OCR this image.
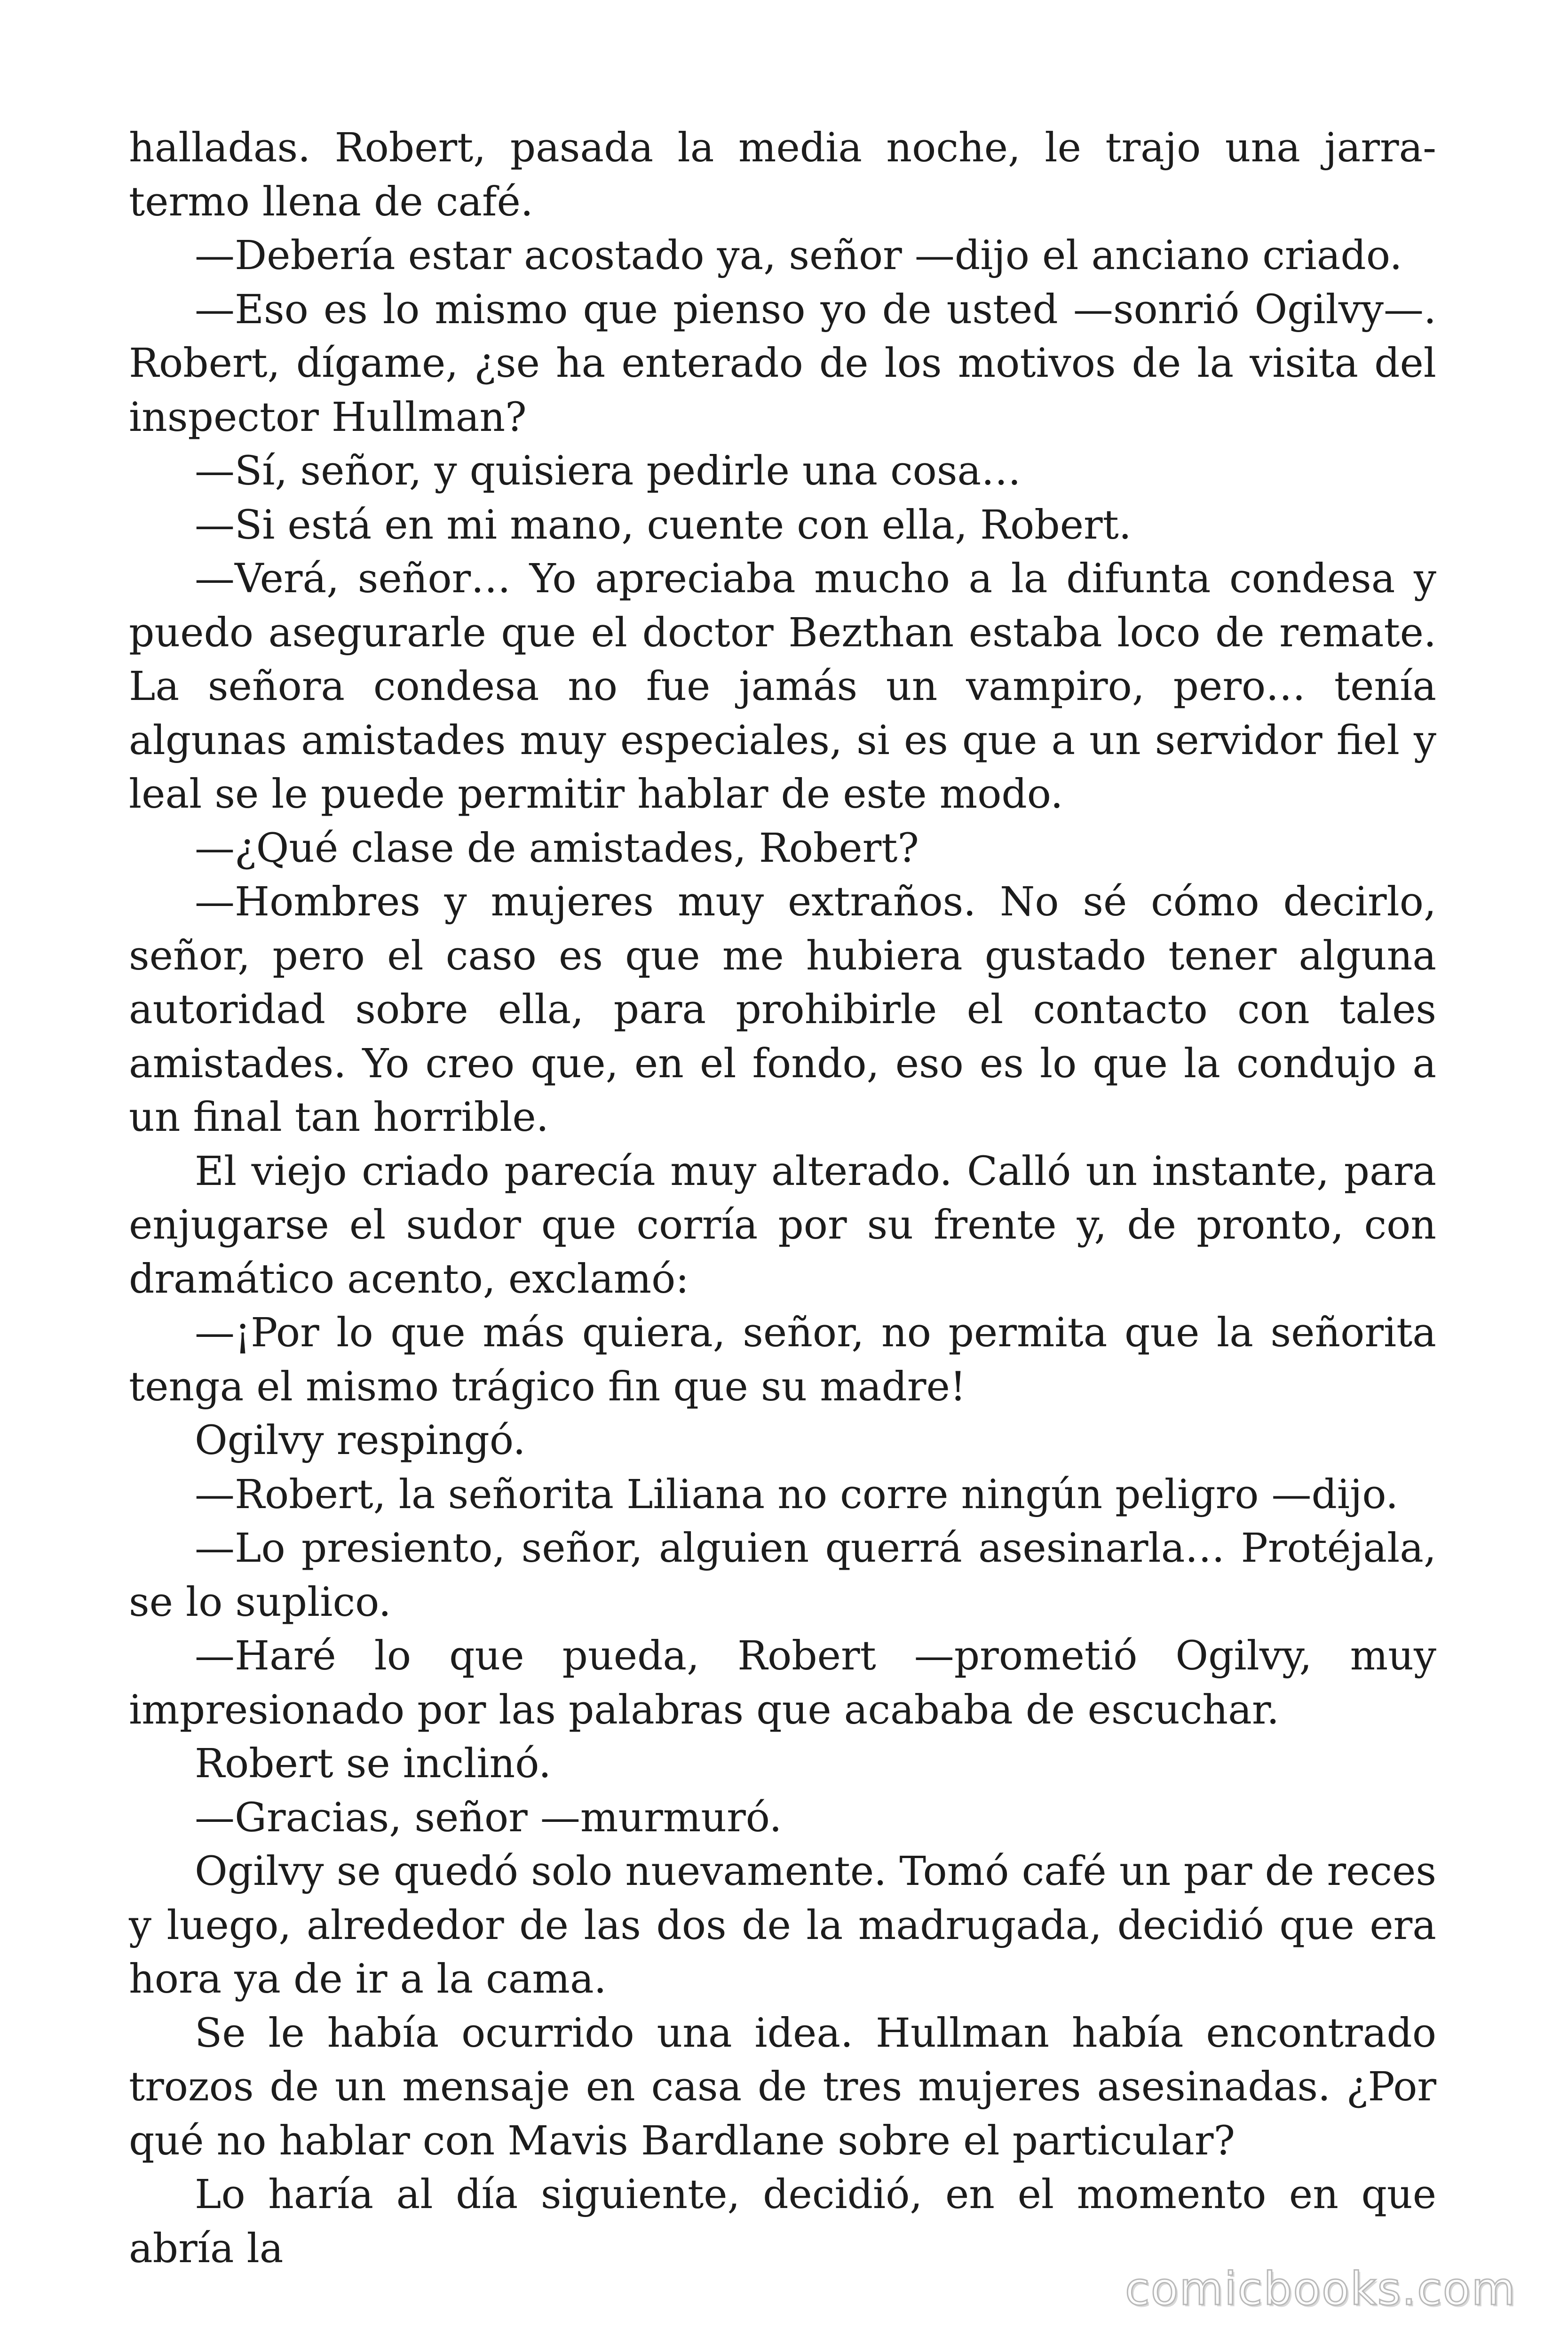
halladas. Robert, pasada la media noche, le trajo una jarra-termo llena de café.

—Debería estar acostado ya, señor —dijo el anciano criado.

—Eso es lo mismo que pienso yo de usted —sonrió Ogilvy—. Robert, dígame, ¿se ha enterado de los motivos de la visita del inspector Hullman?

—Sí, señor, y quisiera pedirle una cosa…

—Si está en mi mano, cuente con ella, Robert.

—Verá, señor… Yo apreciaba mucho a la difunta condesa y puedo asegurarle que el doctor Bezthan estaba loco de remate. La señora condesa no fue jamás un vampiro, pero… tenía algunas amistades muy especiales, si es que a un servidor fiel y leal se le puede permitir hablar de este modo.

—¿Qué clase de amistades, Robert?

—Hombres y mujeres muy extraños. No sé cómo decirlo, señor, pero el caso es que me hubiera gustado tener alguna autoridad sobre ella, para prohibirle el contacto con tales amistades. Yo creo que, en el fondo, eso es lo que la condujo a un final tan horrible.

El viejo criado parecía muy alterado. Calló un instante, para enjugarse el sudor que corría por su frente y, de pronto, con dramático acento, exclamó:

—¡Por lo que más quiera, señor, no permita que la señorita tenga el mismo trágico fin que su madre!

Ogilvy respingó.

—Robert, la señorita Liliana no corre ningún peligro —dijo.

—Lo presiento, señor, alguien querrá asesinarla… Protéjala, se lo suplico.

—Haré lo que pueda, Robert —prometió Ogilvy, muy impresionado por las palabras que acababa de escuchar.

Robert se inclinó.

—Gracias, señor —murmuró.

Ogilvy se quedó solo nuevamente. Tomó café un par de reces y luego, alrededor de las dos de la madrugada, decidió que era hora ya de ir a la cama.

Se le había ocurrido una idea. Hullman había encontrado trozos de un mensaje en casa de tres mujeres asesinadas. ¿Por qué no hablar con Mavis Bardlane sobre el particular?

Lo haría al día siguiente, decidió, en el momento en que abría la

comicbooks.com
